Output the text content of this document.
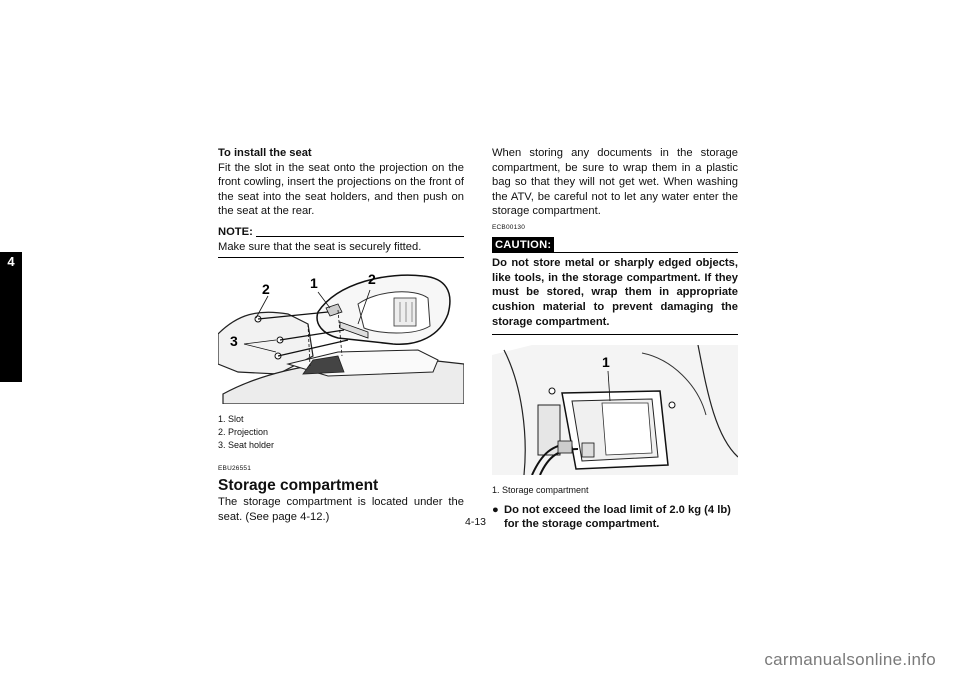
4
To install the seat

Fit the slot in the seat onto the projection on the front cowling, insert the projections on the front of the seat into the seat holders, and then push on the seat at the rear.

NOTE:
Make sure that the seat is securely fitted.
2	1	2
3
1. Slot
2. Projection
3. Seat holder
EBU26551
Storage compartment

The storage compartment is located under the seat. (See page 4-12.)

When storing any documents in the storage compartment, be sure to wrap them in a plastic bag so that they will not get wet. When washing the ATV, be careful not to let any water enter the storage compartment.

ECB00130
CAUTION:
Do not store metal or sharply edged objects, like tools, in the storage compartment. If they must be stored, wrap them in appropriate cushion material to prevent damaging the storage compartment.
1
1. Storage compartment
● Do not exceed the load limit of 2.0 kg (4 lb) for the storage compartment.
4-13
carmanualsonline.info
